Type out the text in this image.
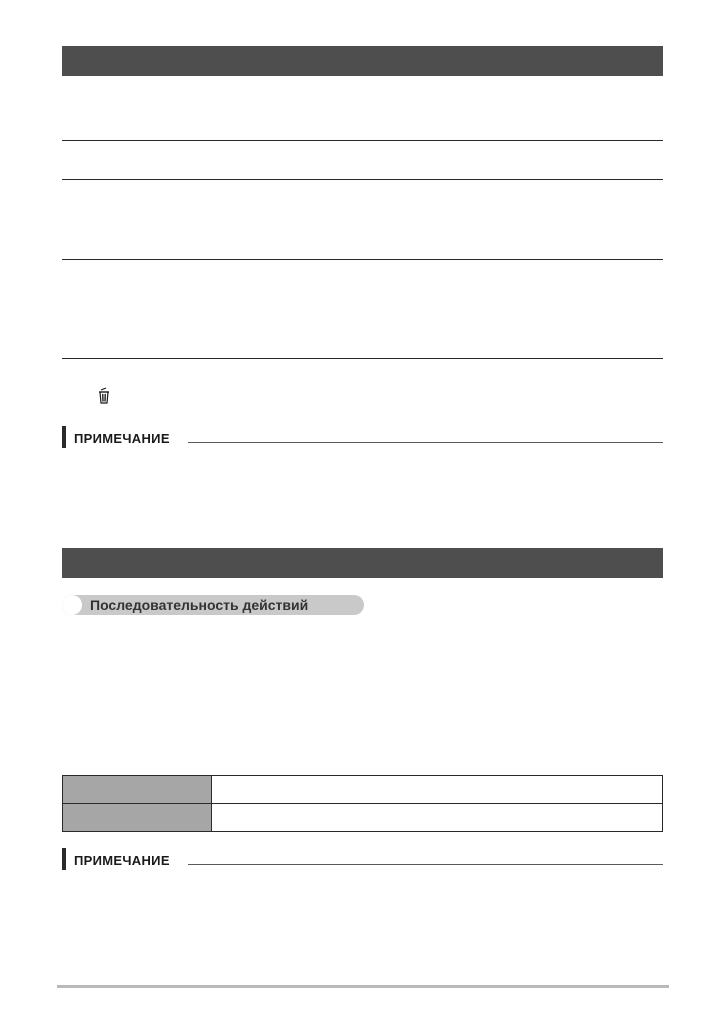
ПРИМЕЧАНИЕ
Последовательность действий
ПРИМЕЧАНИЕ
